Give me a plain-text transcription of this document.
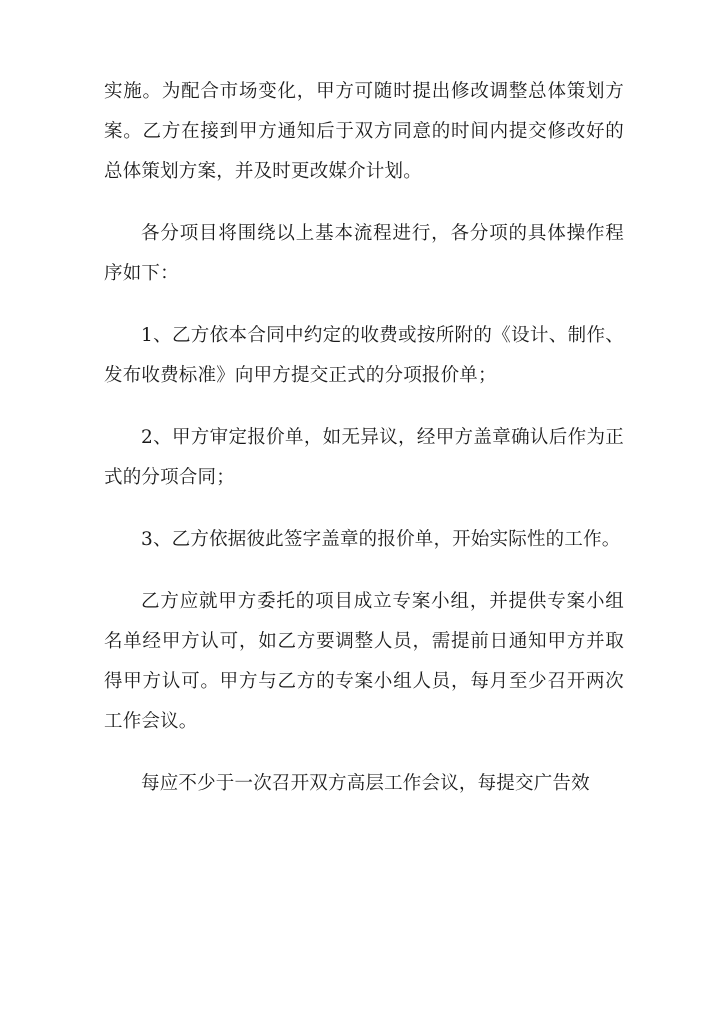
实施。为配合市场变化，甲方可随时提出修改调整总体策划方案。乙方在接到甲方通知后于双方同意的时间内提交修改好的总体策划方案，并及时更改媒介计划。

各分项目将围绕以上基本流程进行，各分项的具体操作程序如下：

1、乙方依本合同中约定的收费或按所附的《设计、制作、发布收费标准》向甲方提交正式的分项报价单；

2、甲方审定报价单，如无异议，经甲方盖章确认后作为正式的分项合同；

3、乙方依据彼此签字盖章的报价单，开始实际性的工作。

乙方应就甲方委托的项目成立专案小组，并提供专案小组名单经甲方认可，如乙方要调整人员，需提前日通知甲方并取得甲方认可。甲方与乙方的专案小组人员，每月至少召开两次工作会议。

每应不少于一次召开双方高层工作会议，每提交广告效
